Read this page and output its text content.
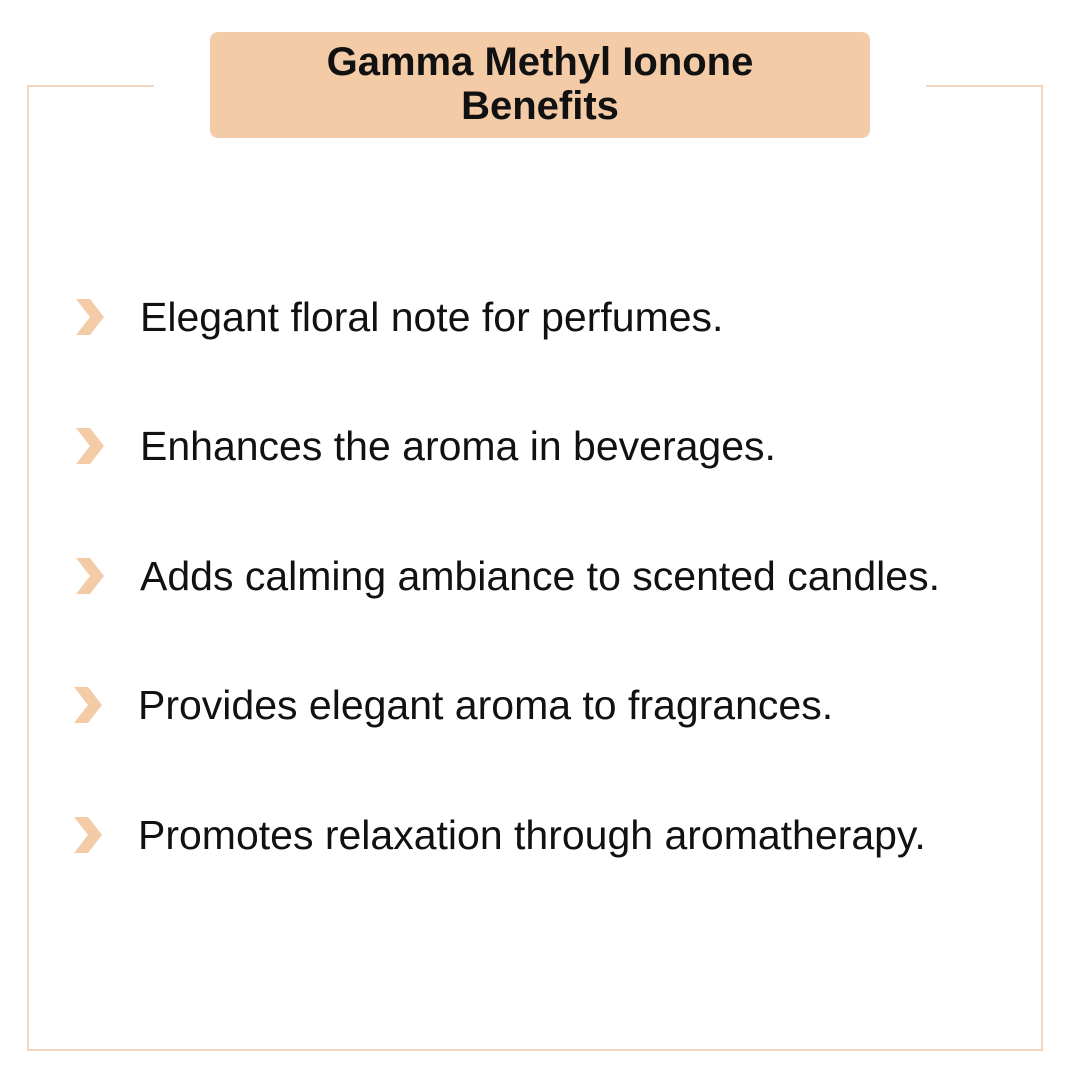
Gamma Methyl Ionone
Benefits
Elegant floral note for perfumes.
Enhances the aroma in beverages.
Adds calming ambiance to scented candles.
Provides elegant aroma to fragrances.
Promotes relaxation through aromatherapy.
